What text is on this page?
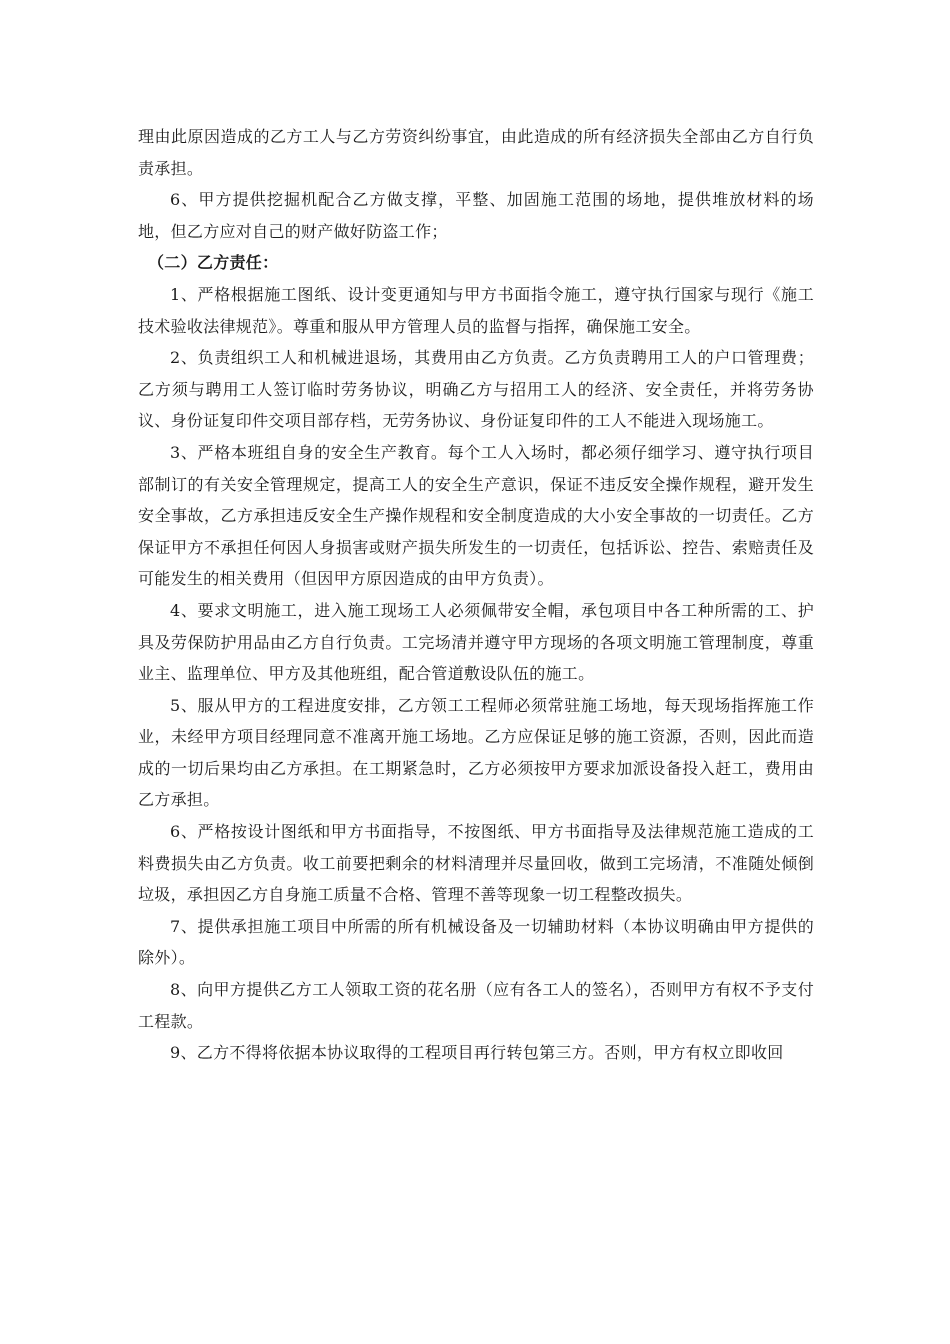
理由此原因造成的乙方工人与乙方劳资纠纷事宜，由此造成的所有经济损失全部由乙方自行负责承担。

6、甲方提供挖掘机配合乙方做支撑，平整、加固施工范围的场地，提供堆放材料的场地，但乙方应对自己的财产做好防盗工作；

（二）乙方责任：

1、严格根据施工图纸、设计变更通知与甲方书面指令施工，遵守执行国家与现行《施工技术验收法律规范》。尊重和服从甲方管理人员的监督与指挥，确保施工安全。

2、负责组织工人和机械进退场，其费用由乙方负责。乙方负责聘用工人的户口管理费；乙方须与聘用工人签订临时劳务协议，明确乙方与招用工人的经济、安全责任，并将劳务协议、身份证复印件交项目部存档，无劳务协议、身份证复印件的工人不能进入现场施工。

3、严格本班组自身的安全生产教育。每个工人入场时，都必须仔细学习、遵守执行项目部制订的有关安全管理规定，提高工人的安全生产意识，保证不违反安全操作规程，避开发生安全事故，乙方承担违反安全生产操作规程和安全制度造成的大小安全事故的一切责任。乙方保证甲方不承担任何因人身损害或财产损失所发生的一切责任，包括诉讼、控告、索赔责任及可能发生的相关费用（但因甲方原因造成的由甲方负责）。

4、要求文明施工，进入施工现场工人必须佩带安全帽，承包项目中各工种所需的工、护具及劳保防护用品由乙方自行负责。工完场清并遵守甲方现场的各项文明施工管理制度，尊重业主、监理单位、甲方及其他班组，配合管道敷设队伍的施工。

5、服从甲方的工程进度安排，乙方领工工程师必须常驻施工场地，每天现场指挥施工作业，未经甲方项目经理同意不准离开施工场地。乙方应保证足够的施工资源，否则，因此而造成的一切后果均由乙方承担。在工期紧急时，乙方必须按甲方要求加派设备投入赶工，费用由乙方承担。

6、严格按设计图纸和甲方书面指导，不按图纸、甲方书面指导及法律规范施工造成的工料费损失由乙方负责。收工前要把剩余的材料清理并尽量回收，做到工完场清，不准随处倾倒垃圾，承担因乙方自身施工质量不合格、管理不善等现象一切工程整改损失。

7、提供承担施工项目中所需的所有机械设备及一切辅助材料（本协议明确由甲方提供的除外）。

8、向甲方提供乙方工人领取工资的花名册（应有各工人的签名），否则甲方有权不予支付工程款。

9、乙方不得将依据本协议取得的工程项目再行转包第三方。否则，甲方有权立即收回
